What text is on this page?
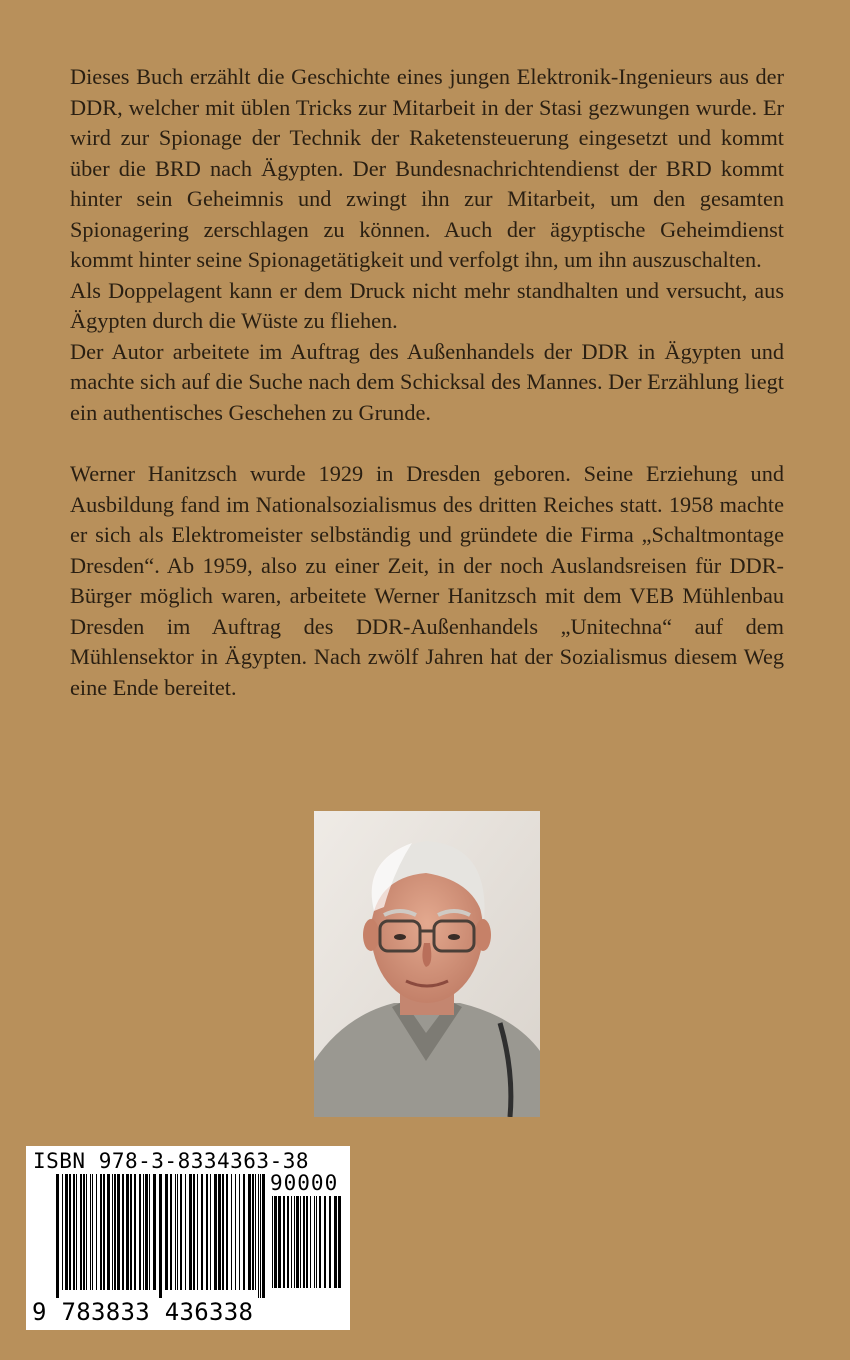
Dieses Buch erzählt die Geschichte eines jungen Elektronik-Ingenieurs aus der DDR, welcher mit üblen Tricks zur Mitarbeit in der Stasi gezwungen wurde. Er wird zur Spionage der Technik der Raketensteuerung eingesetzt und kommt über die BRD nach Ägypten. Der Bundesnachrichtendienst der BRD kommt hinter sein Geheimnis und zwingt ihn zur Mitarbeit, um den gesamten Spionagering zerschlagen zu können. Auch der ägyptische Geheimdienst kommt hinter seine Spionagetätigkeit und verfolgt ihn, um ihn auszuschalten.
Als Doppelagent kann er dem Druck nicht mehr standhalten und versucht, aus Ägypten durch die Wüste zu fliehen.
Der Autor arbeitete im Auftrag des Außenhandels der DDR in Ägypten und machte sich auf die Suche nach dem Schicksal des Mannes. Der Erzählung liegt ein authentisches Geschehen zu Grunde.

Werner Hanitzsch wurde 1929 in Dresden geboren. Seine Erziehung und Ausbildung fand im Nationalsozialismus des dritten Reiches statt. 1958 machte er sich als Elektromeister selbständig und gründete die Firma „Schaltmontage Dresden“. Ab 1959, also zu einer Zeit, in der noch Auslandsreisen für DDR-Bürger möglich waren, arbeitete Werner Hanitzsch mit dem VEB Mühlenbau Dresden im Auftrag des DDR-Außenhandels „Unitechna“ auf dem Mühlensektor in Ägypten. Nach zwölf Jahren hat der Sozialismus diesem Weg eine Ende bereitet.

ISBN 978-3-8334363-38
90000
9 783833 436338
